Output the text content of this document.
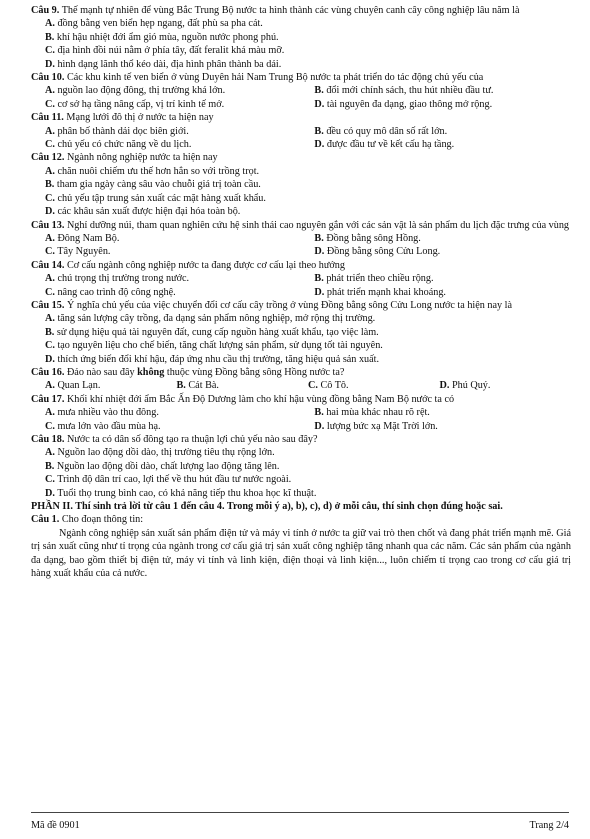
Câu 9. Thế mạnh tự nhiên để vùng Bắc Trung Bộ nước ta hình thành các vùng chuyên canh cây công nghiệp lâu năm là

A. đồng bằng ven biển hẹp ngang, đất phù sa pha cát.

B. khí hậu nhiệt đới ẩm gió mùa, nguồn nước phong phú.

C. địa hình đồi núi nằm ở phía tây, đất feralit khá màu mỡ.

D. hình dạng lãnh thổ kéo dài, địa hình phân thành ba dải.

Câu 10. Các khu kinh tế ven biển ở vùng Duyên hải Nam Trung Bộ nước ta phát triển do tác động chủ yếu của

A. nguồn lao động đông, thị trường khá lớn.	B. đổi mới chính sách, thu hút nhiều đầu tư.
C. cơ sở hạ tầng nâng cấp, vị trí kinh tế mở.	D. tài nguyên đa dạng, giao thông mở rộng.

Câu 11. Mạng lưới đô thị ở nước ta hiện nay

A. phân bố thành dải dọc biên giới.	B. đều có quy mô dân số rất lớn.
C. chủ yếu có chức năng về du lịch.	D. được đầu tư về kết cấu hạ tầng.

Câu 12. Ngành nông nghiệp nước ta hiện nay

A. chăn nuôi chiếm ưu thế hơn hẳn so với trồng trọt.

B. tham gia ngày càng sâu vào chuỗi giá trị toàn cầu.

C. chủ yếu tập trung sản xuất các mặt hàng xuất khẩu.

D. các khâu sản xuất được hiện đại hóa toàn bộ.

Câu 13. Nghỉ dưỡng núi, tham quan nghiên cứu hệ sinh thái cao nguyên gắn với các sản vật là sản phẩm du lịch đặc trưng của vùng

A. Đông Nam Bộ.	B. Đồng bằng sông Hồng.
C. Tây Nguyên.	D. Đồng bằng sông Cửu Long.

Câu 14. Cơ cấu ngành công nghiệp nước ta đang được cơ cấu lại theo hướng

A. chú trọng thị trường trong nước.	B. phát triển theo chiều rộng.
C. nâng cao trình độ công nghệ.	D. phát triển mạnh khai khoáng.

Câu 15. Ý nghĩa chủ yếu của việc chuyển đổi cơ cấu cây trồng ở vùng Đồng bằng sông Cửu Long nước ta hiện nay là

A. tăng sản lượng cây trồng, đa dạng sản phẩm nông nghiệp, mở rộng thị trường.

B. sử dụng hiệu quả tài nguyên đất, cung cấp nguồn hàng xuất khẩu, tạo việc làm.

C. tạo nguyên liệu cho chế biến, tăng chất lượng sản phẩm, sử dụng tốt tài nguyên.

D. thích ứng biến đổi khí hậu, đáp ứng nhu cầu thị trường, tăng hiệu quả sản xuất.

Câu 16. Đảo nào sau đây không thuộc vùng Đồng bằng sông Hồng nước ta?

A. Quan Lạn.	B. Cát Bà.	C. Cô Tô.	D. Phú Quý.

Câu 17. Khối khí nhiệt đới ẩm Bắc Ấn Độ Dương làm cho khí hậu vùng đồng bằng Nam Bộ nước ta có

A. mưa nhiều vào thu đông.	B. hai mùa khác nhau rõ rệt.
C. mưa lớn vào đầu mùa hạ.	D. lượng bức xạ Mặt Trời lớn.

Câu 18. Nước ta có dân số đông tạo ra thuận lợi chủ yếu nào sau đây?

A. Nguồn lao động dồi dào, thị trường tiêu thụ rộng lớn.

B. Nguồn lao động dồi dào, chất lượng lao động tăng lên.

C. Trình độ dân trí cao, lợi thế về thu hút đầu tư nước ngoài.

D. Tuổi thọ trung bình cao, có khả năng tiếp thu khoa học kĩ thuật.

PHẦN II. Thí sinh trả lời từ câu 1 đến câu 4. Trong mỗi ý a), b), c), d) ở mỗi câu, thí sinh chọn đúng hoặc sai.

Câu 1. Cho đoạn thông tin:

Ngành công nghiệp sản xuất sản phẩm điện tử và máy vi tính ở nước ta giữ vai trò then chốt và đang phát triển mạnh mẽ. Giá trị sản xuất cũng như tỉ trọng của ngành trong cơ cấu giá trị sản xuất công nghiệp tăng nhanh qua các năm. Các sản phẩm của ngành đa dạng, bao gồm thiết bị điện tử, máy vi tính và linh kiện, điện thoại và linh kiện..., luôn chiếm tỉ trọng cao trong cơ cấu giá trị hàng xuất khẩu của cả nước.

Mã đề 0901	Trang 2/4
